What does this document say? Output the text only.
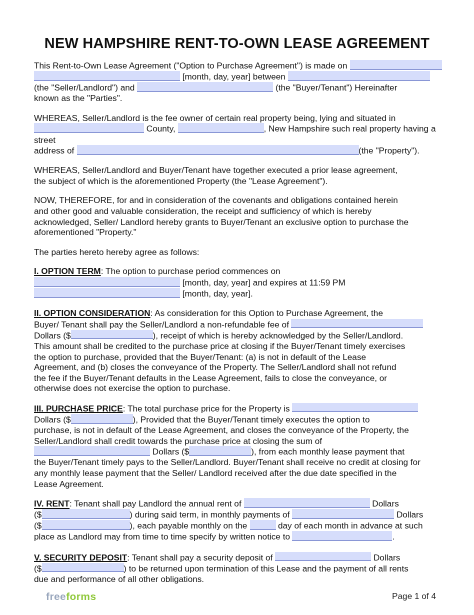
NEW HAMPSHIRE RENT-TO-OWN LEASE AGREEMENT

This Rent-to-Own Lease Agreement ("Option to Purchase Agreement") is made on
[month, day, year] between
(the "Seller/Landlord") and	(the "Buyer/Tenant") Hereinafter
known as the "Parties".

WHEREAS, Seller/Landlord is the fee owner of certain real property being, lying and situated in
County,	, New Hampshire such real property having a street
address of	(the "Property").

WHEREAS, Seller/Landlord and Buyer/Tenant have together executed a prior lease agreement,
the subject of which is the aforementioned Property (the "Lease Agreement").

NOW, THEREFORE, for and in consideration of the covenants and obligations contained herein
and other good and valuable consideration, the receipt and sufficiency of which is hereby
acknowledged, Seller/ Landlord hereby grants to Buyer/Tenant an exclusive option to purchase the
aforementioned "Property."

The parties hereto hereby agree as follows:

I. OPTION TERM: The option to purchase period commences on
[month, day, year] and expires at 11:59 PM
[month, day, year].

II. OPTION CONSIDERATION: As consideration for this Option to Purchase Agreement, the
Buyer/ Tenant shall pay the Seller/Landlord a non-refundable fee of
Dollars ($	), receipt of which is hereby acknowledged by the Seller/Landlord.
This amount shall be credited to the purchase price at closing if the Buyer/Tenant timely exercises
the option to purchase, provided that the Buyer/Tenant: (a) is not in default of the Lease
Agreement, and (b) closes the conveyance of the Property. The Seller/Landlord shall not refund
the fee if the Buyer/Tenant defaults in the Lease Agreement, fails to close the conveyance, or
otherwise does not exercise the option to purchase.

III. PURCHASE PRICE: The total purchase price for the Property is
Dollars ($	), Provided that the Buyer/Tenant timely executes the option to
purchase, is not in default of the Lease Agreement, and closes the conveyance of the Property, the
Seller/Landlord shall credit towards the purchase price at closing the sum of
Dollars ($	), from each monthly lease payment that
the Buyer/Tenant timely pays to the Seller/Landlord. Buyer/Tenant shall receive no credit at closing for
any monthly lease payment that the Seller/ Landlord received after the due date specified in the
Lease Agreement.

IV. RENT: Tenant shall pay Landlord the annual rent of	Dollars
($	) during said term, in monthly payments of	Dollars
($	), each payable monthly on the	day of each month in advance at such
place as Landlord may from time to time specify by written notice to	.

V. SECURITY DEPOSIT: Tenant shall pay a security deposit of	Dollars
($	) to be returned upon termination of this Lease and the payment of all rents
due and performance of all other obligations.

freeforms	Page 1 of 4
